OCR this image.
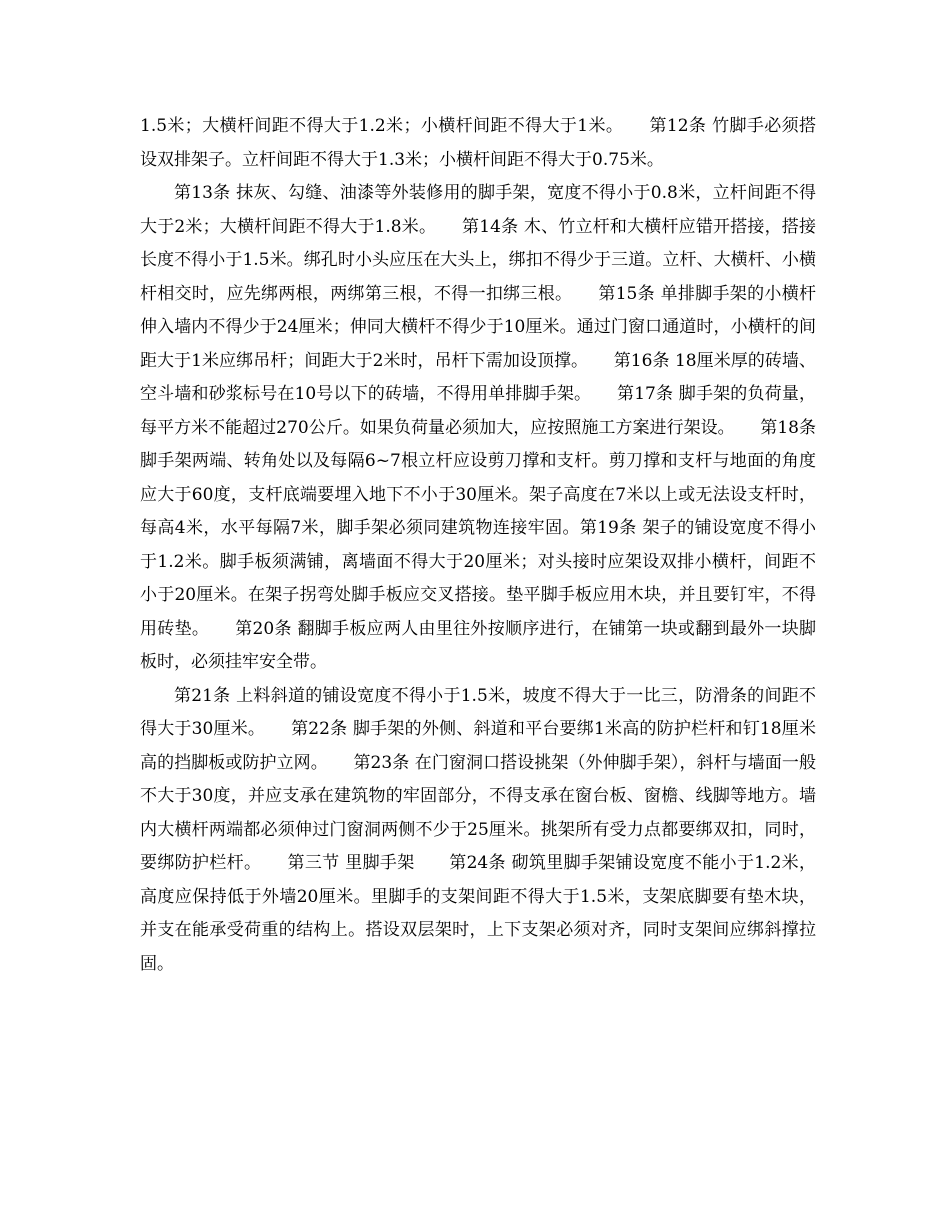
1.5米；大横杆间距不得大于1.2米；小横杆间距不得大于1米。　　第12条 竹脚手必须搭设双排架子。立杆间距不得大于1.3米；小横杆间距不得大于0.75米。

第13条 抹灰、勾缝、油漆等外装修用的脚手架，宽度不得小于0.8米，立杆间距不得大于2米；大横杆间距不得大于1.8米。　　第14条 木、竹立杆和大横杆应错开搭接，搭接长度不得小于1.5米。绑孔时小头应压在大头上，绑扣不得少于三道。立杆、大横杆、小横杆相交时，应先绑两根，两绑第三根，不得一扣绑三根。　　第15条 单排脚手架的小横杆伸入墙内不得少于24厘米；伸同大横杆不得少于10厘米。通过门窗口通道时，小横杆的间距大于1米应绑吊杆；间距大于2米时，吊杆下需加设顶撑。　　第16条 18厘米厚的砖墙、空斗墙和砂浆标号在10号以下的砖墙，不得用单排脚手架。　　第17条 脚手架的负荷量，每平方米不能超过270公斤。如果负荷量必须加大，应按照施工方案进行架设。　　第18条 脚手架两端、转角处以及每隔6~7根立杆应设剪刀撑和支杆。剪刀撑和支杆与地面的角度应大于60度，支杆底端要埋入地下不小于30厘米。架子高度在7米以上或无法设支杆时，每高4米，水平每隔7米，脚手架必须同建筑物连接牢固。第19条 架子的铺设宽度不得小于1.2米。脚手板须满铺，离墙面不得大于20厘米；对头接时应架设双排小横杆，间距不小于20厘米。在架子拐弯处脚手板应交叉搭接。垫平脚手板应用木块，并且要钉牢，不得用砖垫。　　第20条 翻脚手板应两人由里往外按顺序进行，在铺第一块或翻到最外一块脚板时，必须挂牢安全带。

第21条 上料斜道的铺设宽度不得小于1.5米，坡度不得大于一比三，防滑条的间距不得大于30厘米。　　第22条 脚手架的外侧、斜道和平台要绑1米高的防护栏杆和钉18厘米高的挡脚板或防护立网。　　第23条 在门窗洞口搭设挑架（外伸脚手架），斜杆与墙面一般不大于30度，并应支承在建筑物的牢固部分，不得支承在窗台板、窗檐、线脚等地方。墙内大横杆两端都必须伸过门窗洞两侧不少于25厘米。挑架所有受力点都要绑双扣，同时，要绑防护栏杆。　　第三节 里脚手架　　第24条 砌筑里脚手架铺设宽度不能小于1.2米，高度应保持低于外墙20厘米。里脚手的支架间距不得大于1.5米，支架底脚要有垫木块，并支在能承受荷重的结构上。搭设双层架时，上下支架必须对齐，同时支架间应绑斜撑拉固。
